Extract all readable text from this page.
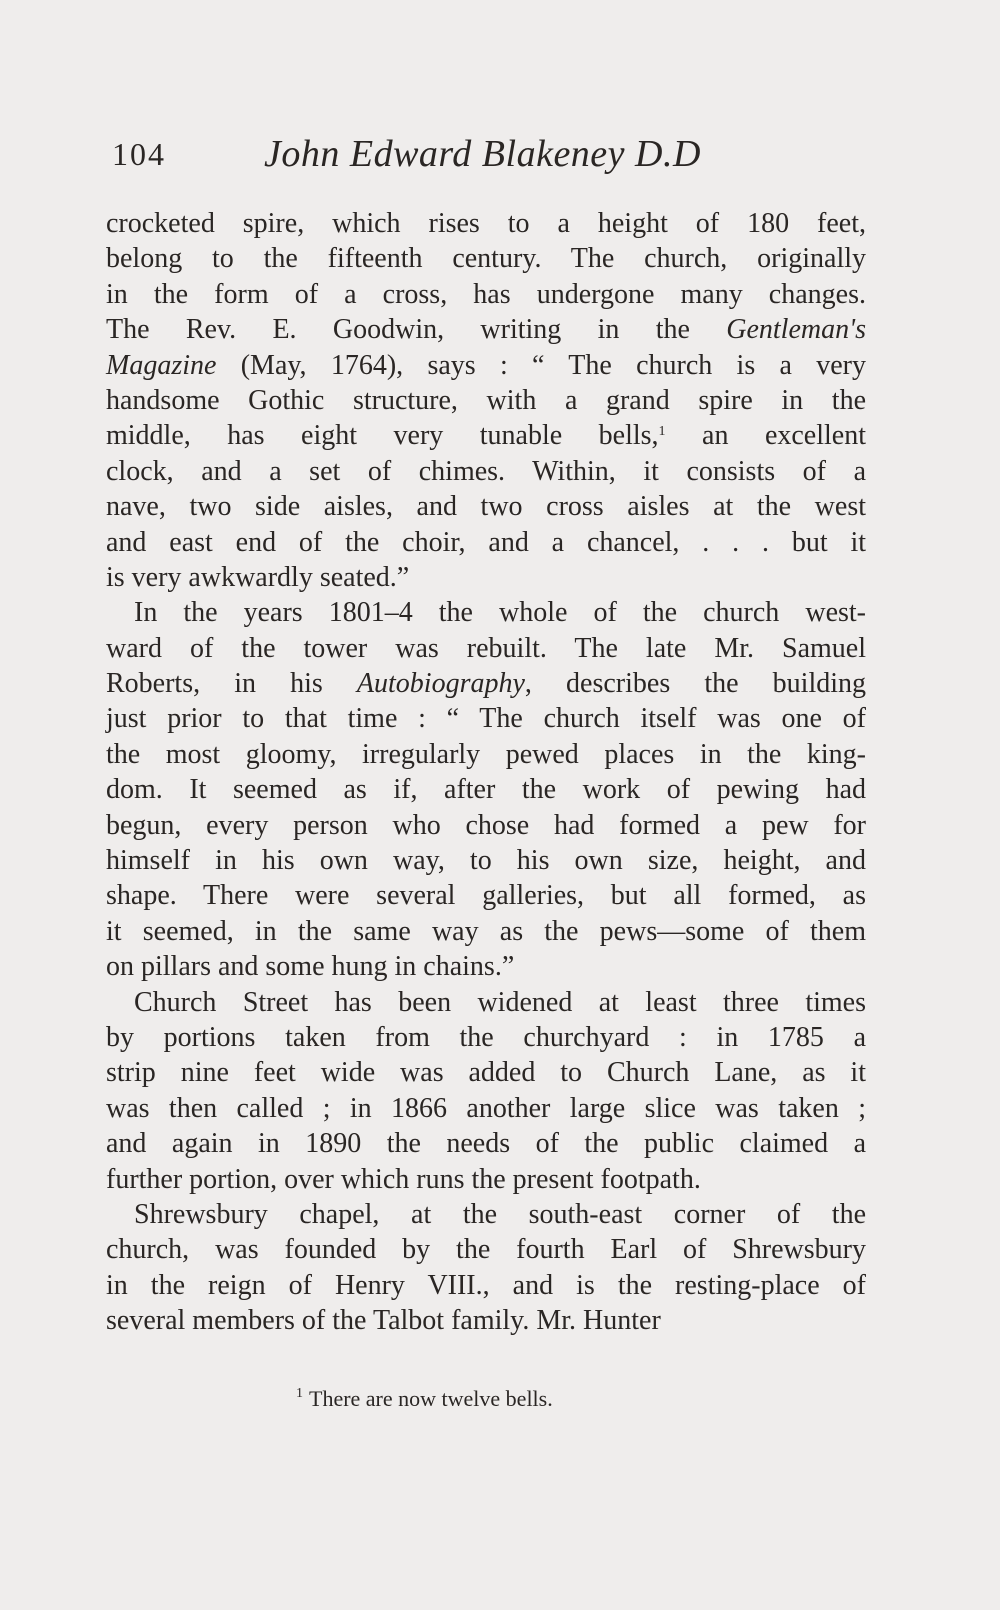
104	John Edward Blakeney D.D
crocketed spire, which rises to a height of 180 feet,
belong to the fifteenth century. The church, originally
in the form of a cross, has undergone many changes.
The Rev. E. Goodwin, writing in the Gentleman's
Magazine (May, 1764), says : “ The church is a very
handsome Gothic structure, with a grand spire in the
middle, has eight very tunable bells,$^1$ an excellent
clock, and a set of chimes. Within, it consists of a
nave, two side aisles, and two cross aisles at the west
and east end of the choir, and a chancel, . . . but it
is very awkwardly seated.”
In the years 1801–4 the whole of the church west-
ward of the tower was rebuilt. The late Mr. Samuel
Roberts, in his Autobiography, describes the building
just prior to that time : “ The church itself was one of
the most gloomy, irregularly pewed places in the king-
dom. It seemed as if, after the work of pewing had
begun, every person who chose had formed a pew for
himself in his own way, to his own size, height, and
shape. There were several galleries, but all formed, as
it seemed, in the same way as the pews—some of them
on pillars and some hung in chains.”
Church Street has been widened at least three times
by portions taken from the churchyard : in 1785 a
strip nine feet wide was added to Church Lane, as it
was then called ; in 1866 another large slice was taken ;
and again in 1890 the needs of the public claimed a
further portion, over which runs the present footpath.
Shrewsbury chapel, at the south-east corner of the
church, was founded by the fourth Earl of Shrewsbury
in the reign of Henry VIII., and is the resting-place of
several members of the Talbot family. Mr. Hunter
$^1$ There are now twelve bells.
